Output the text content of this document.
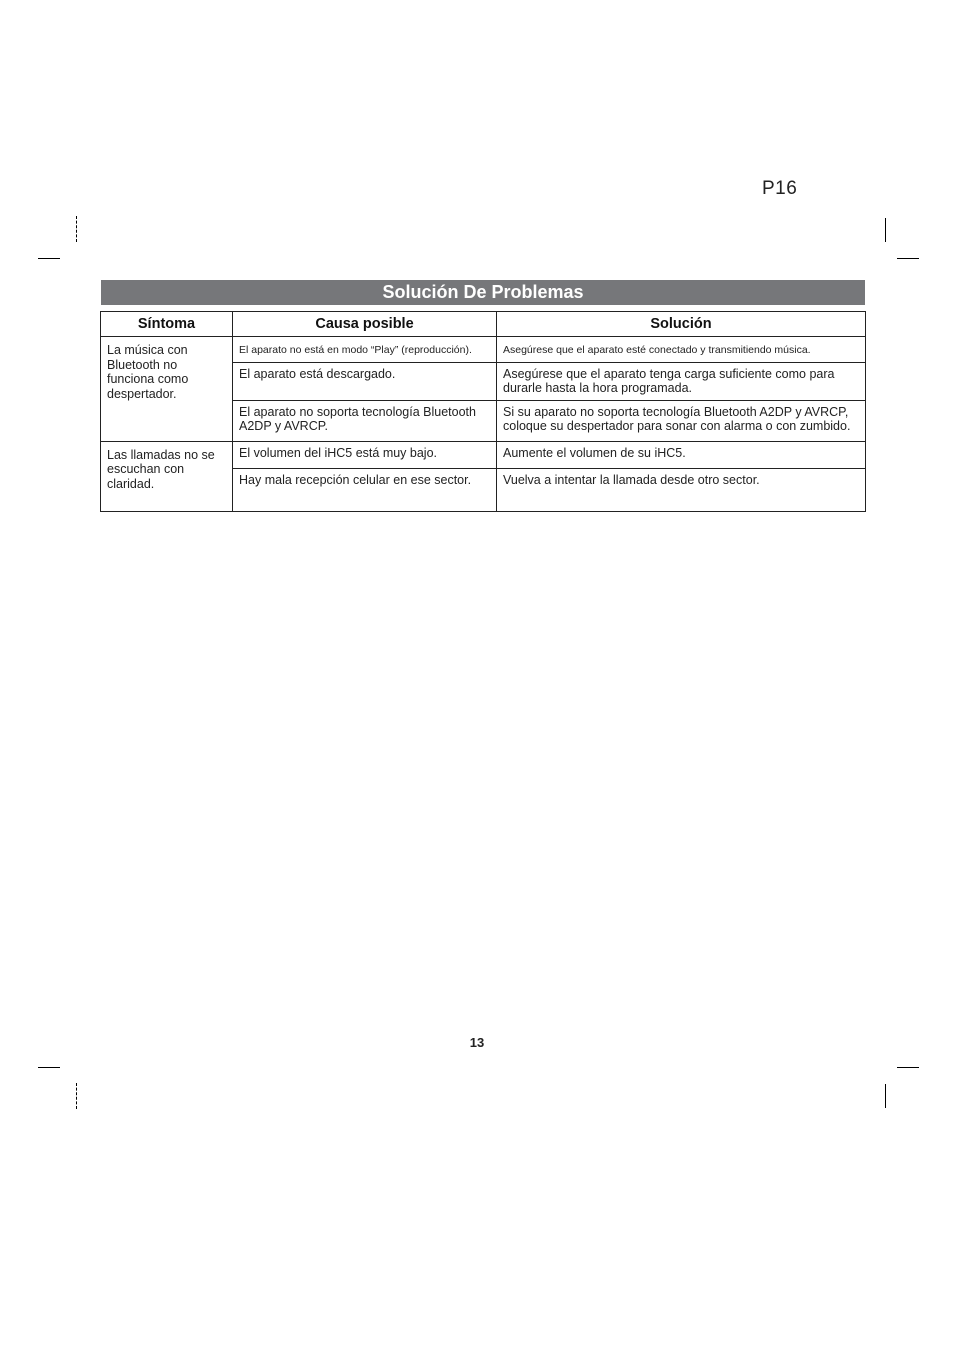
P16
Solución De Problemas
Síntoma	Causa posible	Solución
La música con Bluetooth no funciona como despertador.	El aparato no está en modo “Play” (reproducción).	Asegúrese que el aparato esté conectado y transmitiendo música.
	El aparato está descargado.	Asegúrese que el aparato tenga carga suficiente como para durarle hasta la hora programada.
	El aparato no soporta tecnología Bluetooth A2DP y AVRCP.	Si su aparato no soporta tecnología Bluetooth A2DP y AVRCP, coloque su despertador para sonar con alarma o con zumbido.
Las llamadas no se escuchan con claridad.	El volumen del iHC5 está muy bajo.	Aumente el volumen de su iHC5.
	Hay mala recepción celular en ese sector.	Vuelva a intentar la llamada desde otro sector.
13
